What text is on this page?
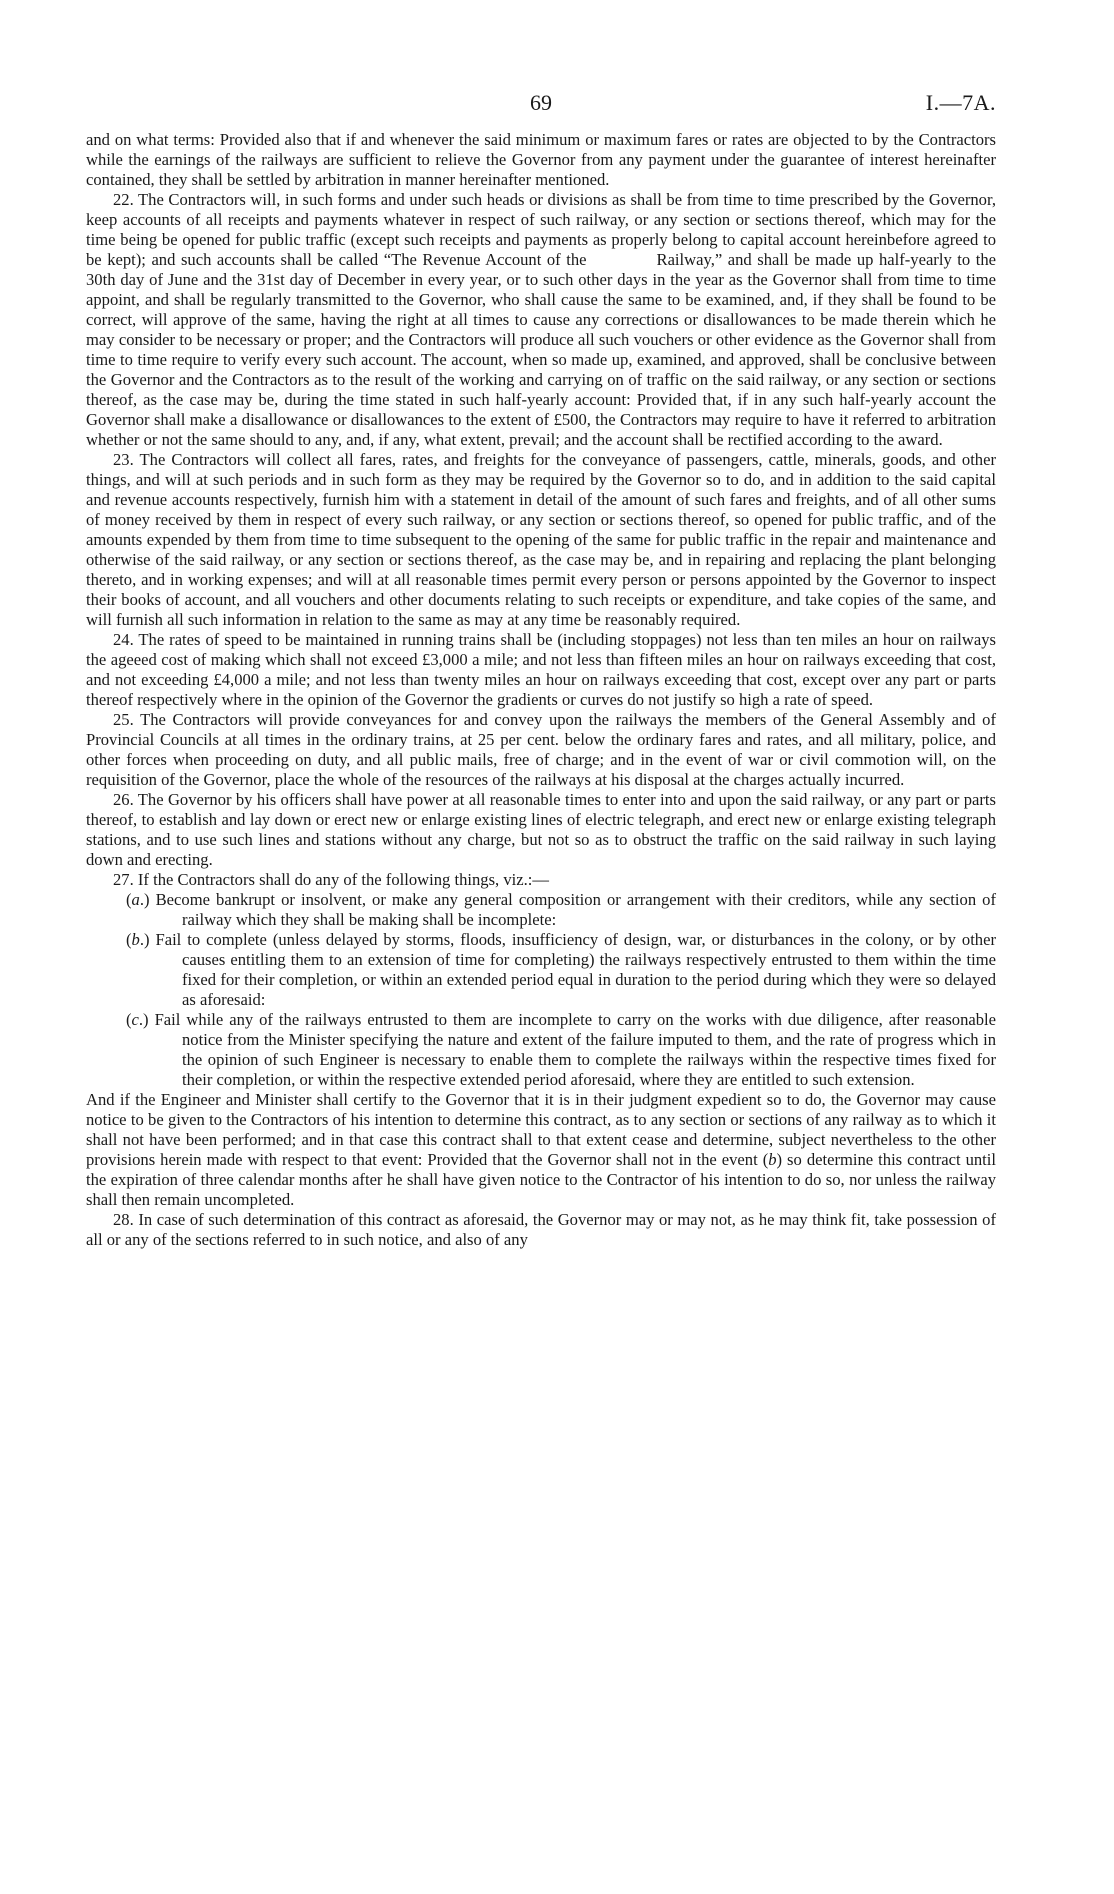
69	I.—7A.

and on what terms: Provided also that if and whenever the said minimum or maximum fares or rates are objected to by the Contractors while the earnings of the railways are sufficient to relieve the Governor from any payment under the guarantee of interest hereinafter contained, they shall be settled by arbitration in manner hereinafter mentioned.

22. The Contractors will, in such forms and under such heads or divisions as shall be from time to time prescribed by the Governor, keep accounts of all receipts and payments whatever in respect of such railway, or any section or sections thereof, which may for the time being be opened for public traffic (except such receipts and payments as properly belong to capital account hereinbefore agreed to be kept); and such accounts shall be called “The Revenue Account of the	Railway,” and shall be made up half-yearly to the 30th day of June and the 31st day of December in every year, or to such other days in the year as the Governor shall from time to time appoint, and shall be regularly transmitted to the Governor, who shall cause the same to be examined, and, if they shall be found to be correct, will approve of the same, having the right at all times to cause any corrections or disallowances to be made therein which he may consider to be necessary or proper; and the Contractors will produce all such vouchers or other evidence as the Governor shall from time to time require to verify every such account. The account, when so made up, examined, and approved, shall be conclusive between the Governor and the Contractors as to the result of the working and carrying on of traffic on the said railway, or any section or sections thereof, as the case may be, during the time stated in such half-yearly account: Provided that, if in any such half-yearly account the Governor shall make a disallowance or disallowances to the extent of £500, the Contractors may require to have it referred to arbitration whether or not the same should to any, and, if any, what extent, prevail; and the account shall be rectified according to the award.

23. The Contractors will collect all fares, rates, and freights for the conveyance of passengers, cattle, minerals, goods, and other things, and will at such periods and in such form as they may be required by the Governor so to do, and in addition to the said capital and revenue accounts respectively, furnish him with a statement in detail of the amount of such fares and freights, and of all other sums of money received by them in respect of every such railway, or any section or sections thereof, so opened for public traffic, and of the amounts expended by them from time to time subsequent to the opening of the same for public traffic in the repair and maintenance and otherwise of the said railway, or any section or sections thereof, as the case may be, and in repairing and replacing the plant belonging thereto, and in working expenses; and will at all reasonable times permit every person or persons appointed by the Governor to inspect their books of account, and all vouchers and other documents relating to such receipts or expenditure, and take copies of the same, and will furnish all such information in relation to the same as may at any time be reasonably required.

24. The rates of speed to be maintained in running trains shall be (including stoppages) not less than ten miles an hour on railways the ageeed cost of making which shall not exceed £3,000 a mile; and not less than fifteen miles an hour on railways exceeding that cost, and not exceeding £4,000 a mile; and not less than twenty miles an hour on railways exceeding that cost, except over any part or parts thereof respectively where in the opinion of the Governor the gradients or curves do not justify so high a rate of speed.

25. The Contractors will provide conveyances for and convey upon the railways the members of the General Assembly and of Provincial Councils at all times in the ordinary trains, at 25 per cent. below the ordinary fares and rates, and all military, police, and other forces when proceeding on duty, and all public mails, free of charge; and in the event of war or civil commotion will, on the requisition of the Governor, place the whole of the resources of the railways at his disposal at the charges actually incurred.

26. The Governor by his officers shall have power at all reasonable times to enter into and upon the said railway, or any part or parts thereof, to establish and lay down or erect new or enlarge existing lines of electric telegraph, and erect new or enlarge existing telegraph stations, and to use such lines and stations without any charge, but not so as to obstruct the traffic on the said railway in such laying down and erecting.

27. If the Contractors shall do any of the following things, viz.:—

( a .) Become bankrupt or insolvent, or make any general composition or arrangement with their creditors, while any section of railway which they shall be making shall be incomplete:

( b .) Fail to complete (unless delayed by storms, floods, insufficiency of design, war, or disturbances in the colony, or by other causes entitling them to an extension of time for completing) the railways respectively entrusted to them within the time fixed for their completion, or within an extended period equal in duration to the period during which they were so delayed as aforesaid:

( c .) Fail while any of the railways entrusted to them are incomplete to carry on the works with due diligence, after reasonable notice from the Minister specifying the nature and extent of the failure imputed to them, and the rate of progress which in the opinion of such Engineer is necessary to enable them to complete the railways within the respective times fixed for their completion, or within the respective extended period aforesaid, where they are entitled to such extension.

And if the Engineer and Minister shall certify to the Governor that it is in their judgment expedient so to do, the Governor may cause notice to be given to the Contractors of his intention to determine this contract, as to any section or sections of any railway as to which it shall not have been performed; and in that case this contract shall to that extent cease and determine, subject nevertheless to the other provisions herein made with respect to that event: Provided that the Governor shall not in the event (b) so determine this contract until the expiration of three calendar months after he shall have given notice to the Contractor of his intention to do so, nor unless the railway shall then remain uncompleted.

28. In case of such determination of this contract as aforesaid, the Governor may or may not, as he may think fit, take possession of all or any of the sections referred to in such notice, and also of any
